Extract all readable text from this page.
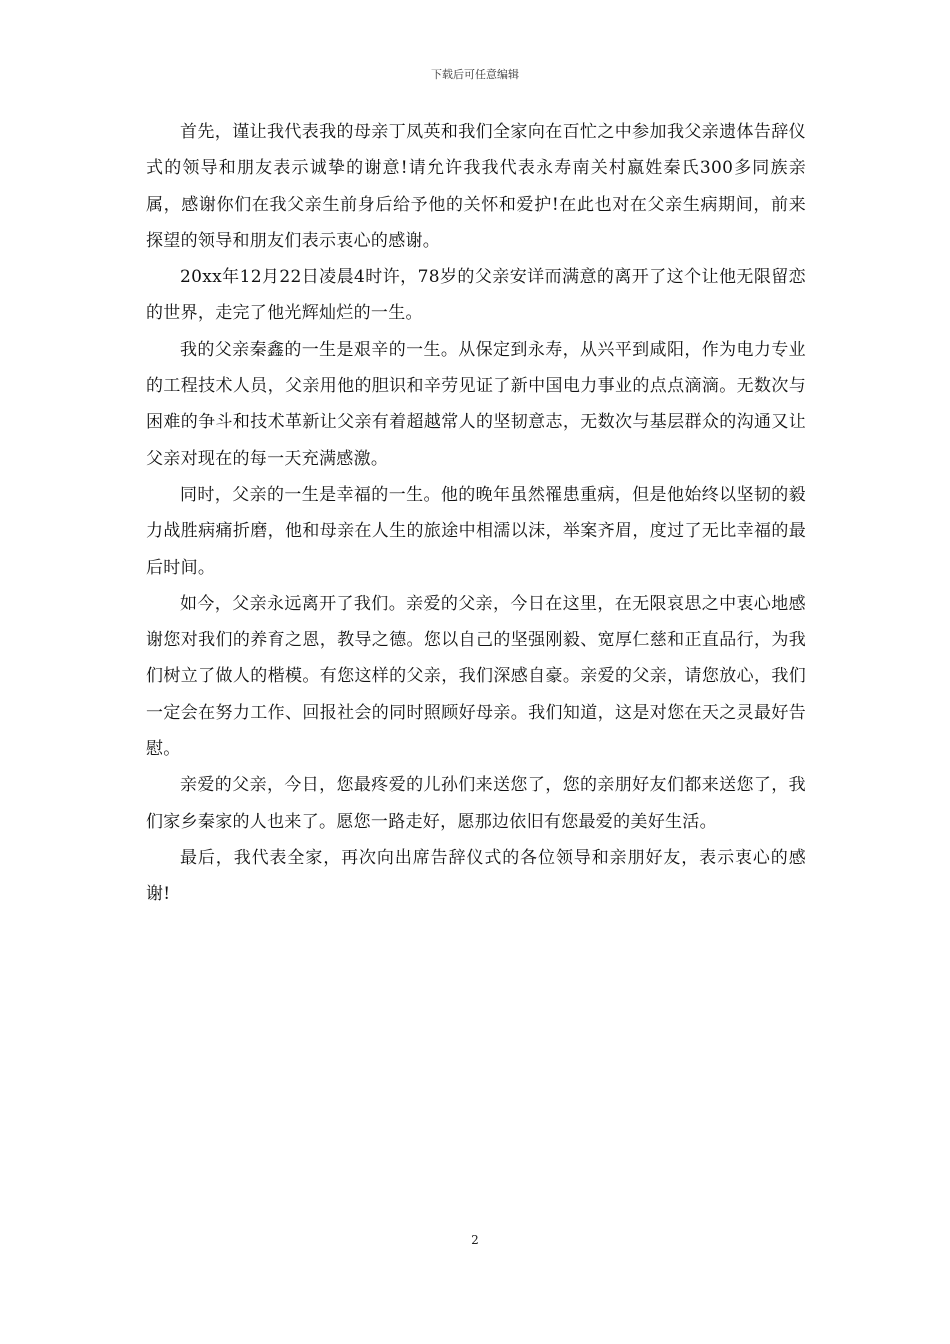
下载后可任意编辑

首先，谨让我代表我的母亲丁凤英和我们全家向在百忙之中参加我父亲遗体告辞仪式的领导和朋友表示诚挚的谢意!请允许我我代表永寿南关村嬴姓秦氏300多同族亲属，感谢你们在我父亲生前身后给予他的关怀和爱护!在此也对在父亲生病期间，前来探望的领导和朋友们表示衷心的感谢。

20xx年12月22日凌晨4时许，78岁的父亲安详而满意的离开了这个让他无限留恋的世界，走完了他光辉灿烂的一生。

我的父亲秦鑫的一生是艰辛的一生。从保定到永寿，从兴平到咸阳，作为电力专业的工程技术人员，父亲用他的胆识和辛劳见证了新中国电力事业的点点滴滴。无数次与困难的争斗和技术革新让父亲有着超越常人的坚韧意志，无数次与基层群众的沟通又让父亲对现在的每一天充满感激。

同时，父亲的一生是幸福的一生。他的晚年虽然罹患重病，但是他始终以坚韧的毅力战胜病痛折磨，他和母亲在人生的旅途中相濡以沫，举案齐眉，度过了无比幸福的最后时间。

如今，父亲永远离开了我们。亲爱的父亲，今日在这里，在无限哀思之中衷心地感谢您对我们的养育之恩，教导之德。您以自己的坚强刚毅、宽厚仁慈和正直品行，为我们树立了做人的楷模。有您这样的父亲，我们深感自豪。亲爱的父亲，请您放心，我们一定会在努力工作、回报社会的同时照顾好母亲。我们知道，这是对您在天之灵最好告慰。

亲爱的父亲，今日，您最疼爱的儿孙们来送您了，您的亲朋好友们都来送您了，我们家乡秦家的人也来了。愿您一路走好，愿那边依旧有您最爱的美好生活。

最后，我代表全家，再次向出席告辞仪式的各位领导和亲朋好友，表示衷心的感谢!

2
